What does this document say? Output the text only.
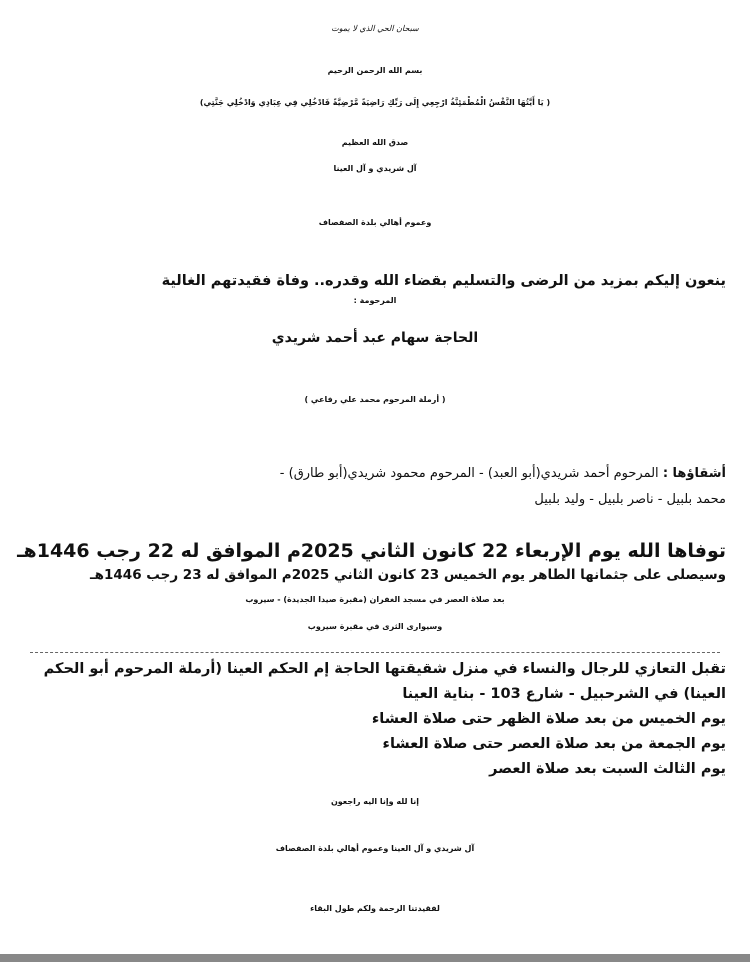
سبحان الحي الذي لا يموت
بسم الله الرحمن الرحيم
( يَا أَيَّتُهَا النَّفْسُ الْمُطْمَئِنَّةُ ارْجِعِي إِلَى رَبِّكِ رَاضِيَةً مَّرْضِيَّةً فَادْخُلِي فِي عِبَادِي وَادْخُلِي جَنَّتِي)
صدق الله العظيم
آل شريدي و آل العينا
وعموم أهالي بلدة الصفصاف
ينعون إليكم بمزيد من الرضى والتسليم بقضاء الله وقدره.. وفاة فقيدتهم الغالية
المرحومة :
الحاجة سهام عبد أحمد شريدي
( أرملة المرحوم محمد علي رفاعي )
أشقاؤها : المرحوم أحمد شريدي(أبو العبد) - المرحوم محمود شريدي(أبو طارق) -
محمد بلبيل - ناصر بلبيل - وليد بلبيل
توفاها الله يوم الإربعاء 22 كانون الثاني 2025م الموافق له 22 رجب 1446هـ
وسيصلى على جثمانها الطاهر يوم الخميس 23 كانون الثاني 2025م الموافق له 23 رجب 1446هـ
بعد صلاة العصر في مسجد الغفران (مقبرة صيدا الجديدة) - سيروب
وسيوارى الثرى في مقبرة سيروب
تقبل التعازي للرجال والنساء في منزل شقيقتها الحاجة إم الحكم العينا (أرملة المرحوم أبو الحكم
العينا) في الشرحبيل - شارع 103 - بناية العينا
يوم الخميس من بعد صلاة الظهر حتى صلاة العشاء
يوم الجمعة من بعد صلاة العصر حتى صلاة العشاء
يوم الثالث السبت بعد صلاة العصر
إنا لله وإنا اليه راجعون
آل شريدي و آل العينا وعموم أهالي بلدة الصفصاف
لفقيدتنا الرحمة ولكم طول البقاء
